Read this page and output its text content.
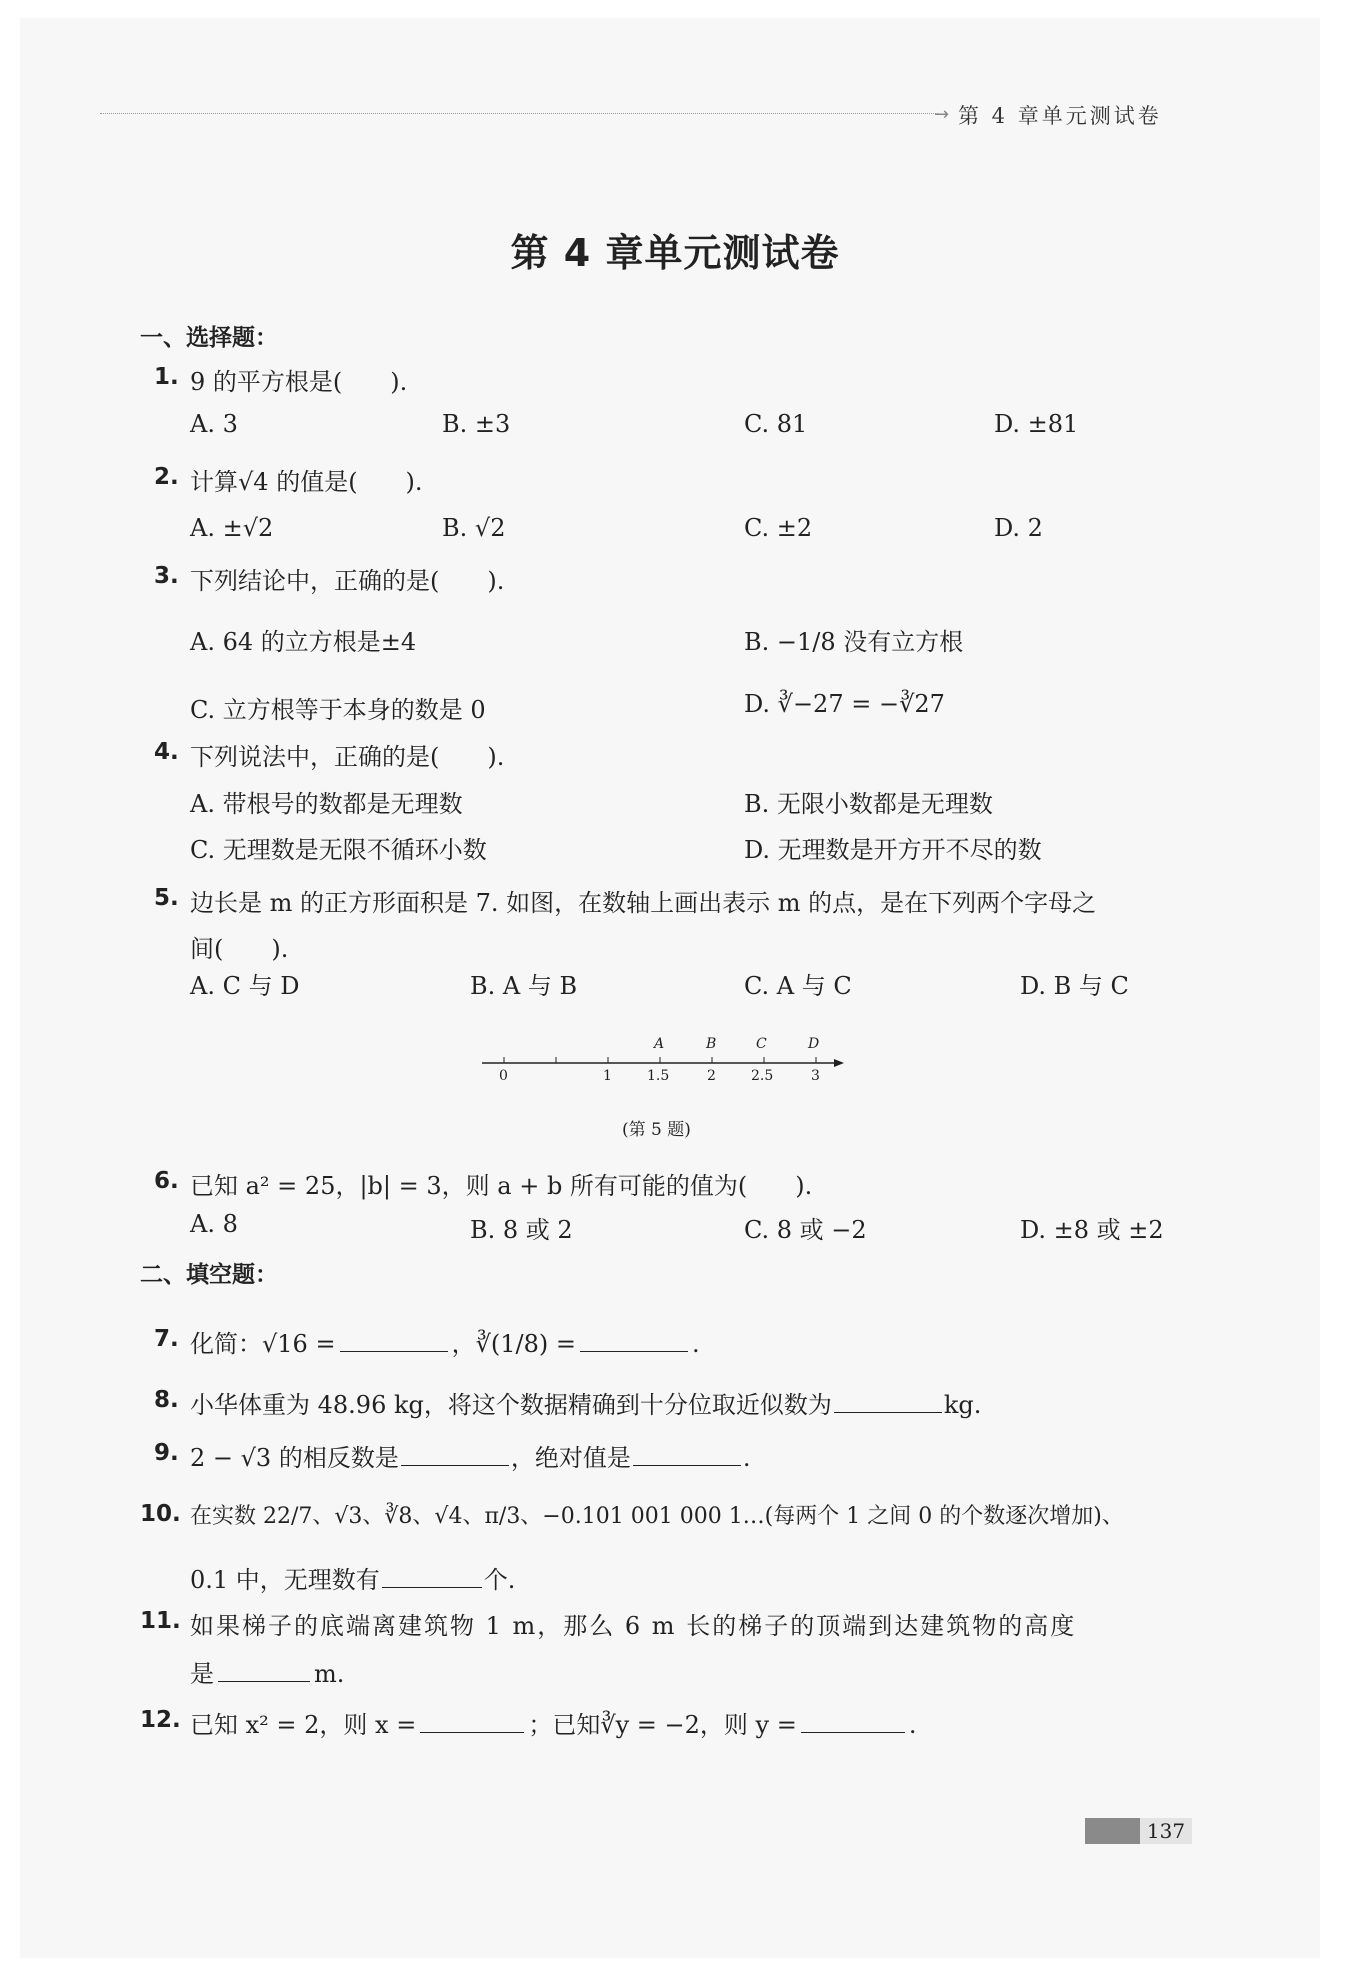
→ 第 4 章单元测试卷
第 4 章单元测试卷
一、选择题：
1. 9 的平方根是(　　).
A. 3	B. ±3	C. 81	D. ±81
2. 计算√4 的值是(　　).
A. ±√2	B. √2	C. ±2	D. 2
3. 下列结论中，正确的是(　　).
A. 64 的立方根是±4	B. −1/8 没有立方根
C. 立方根等于本身的数是 0	D. ∛−27 = −∛27
4. 下列说法中，正确的是(　　).
A. 带根号的数都是无理数	B. 无限小数都是无理数
C. 无理数是无限不循环小数	D. 无理数是开方开不尽的数
5. 边长是 m 的正方形面积是 7. 如图，在数轴上画出表示 m 的点，是在下列两个字母之
间(　　).
A. C 与 D	B. A 与 B	C. A 与 C	D. B 与 C
0	1	1.5	2	2.5	3
A	B	C	D
(第 5 题)
6. 已知 a² = 25，|b| = 3，则 a + b 所有可能的值为(　　).
A. 8	B. 8 或 2	C. 8 或 −2	D. ±8 或 ±2
二、填空题：
7. 化简：√16 =	，∛(1/8) =	.
8. 小华体重为 48.96 kg，将这个数据精确到十分位取近似数为	kg.
9. 2 − √3 的相反数是	，绝对值是	.
10. 在实数 22/7、√3、∛8、√4、π/3、−0.101 001 000 1…(每两个 1 之间 0 的个数逐次增加)、
0.1 中，无理数有	个.
11. 如果梯子的底端离建筑物 1 m，那么 6 m 长的梯子的顶端到达建筑物的高度
是	m.
12. 已知 x² = 2，则 x =	；已知∛y = −2，则 y =	.
137
